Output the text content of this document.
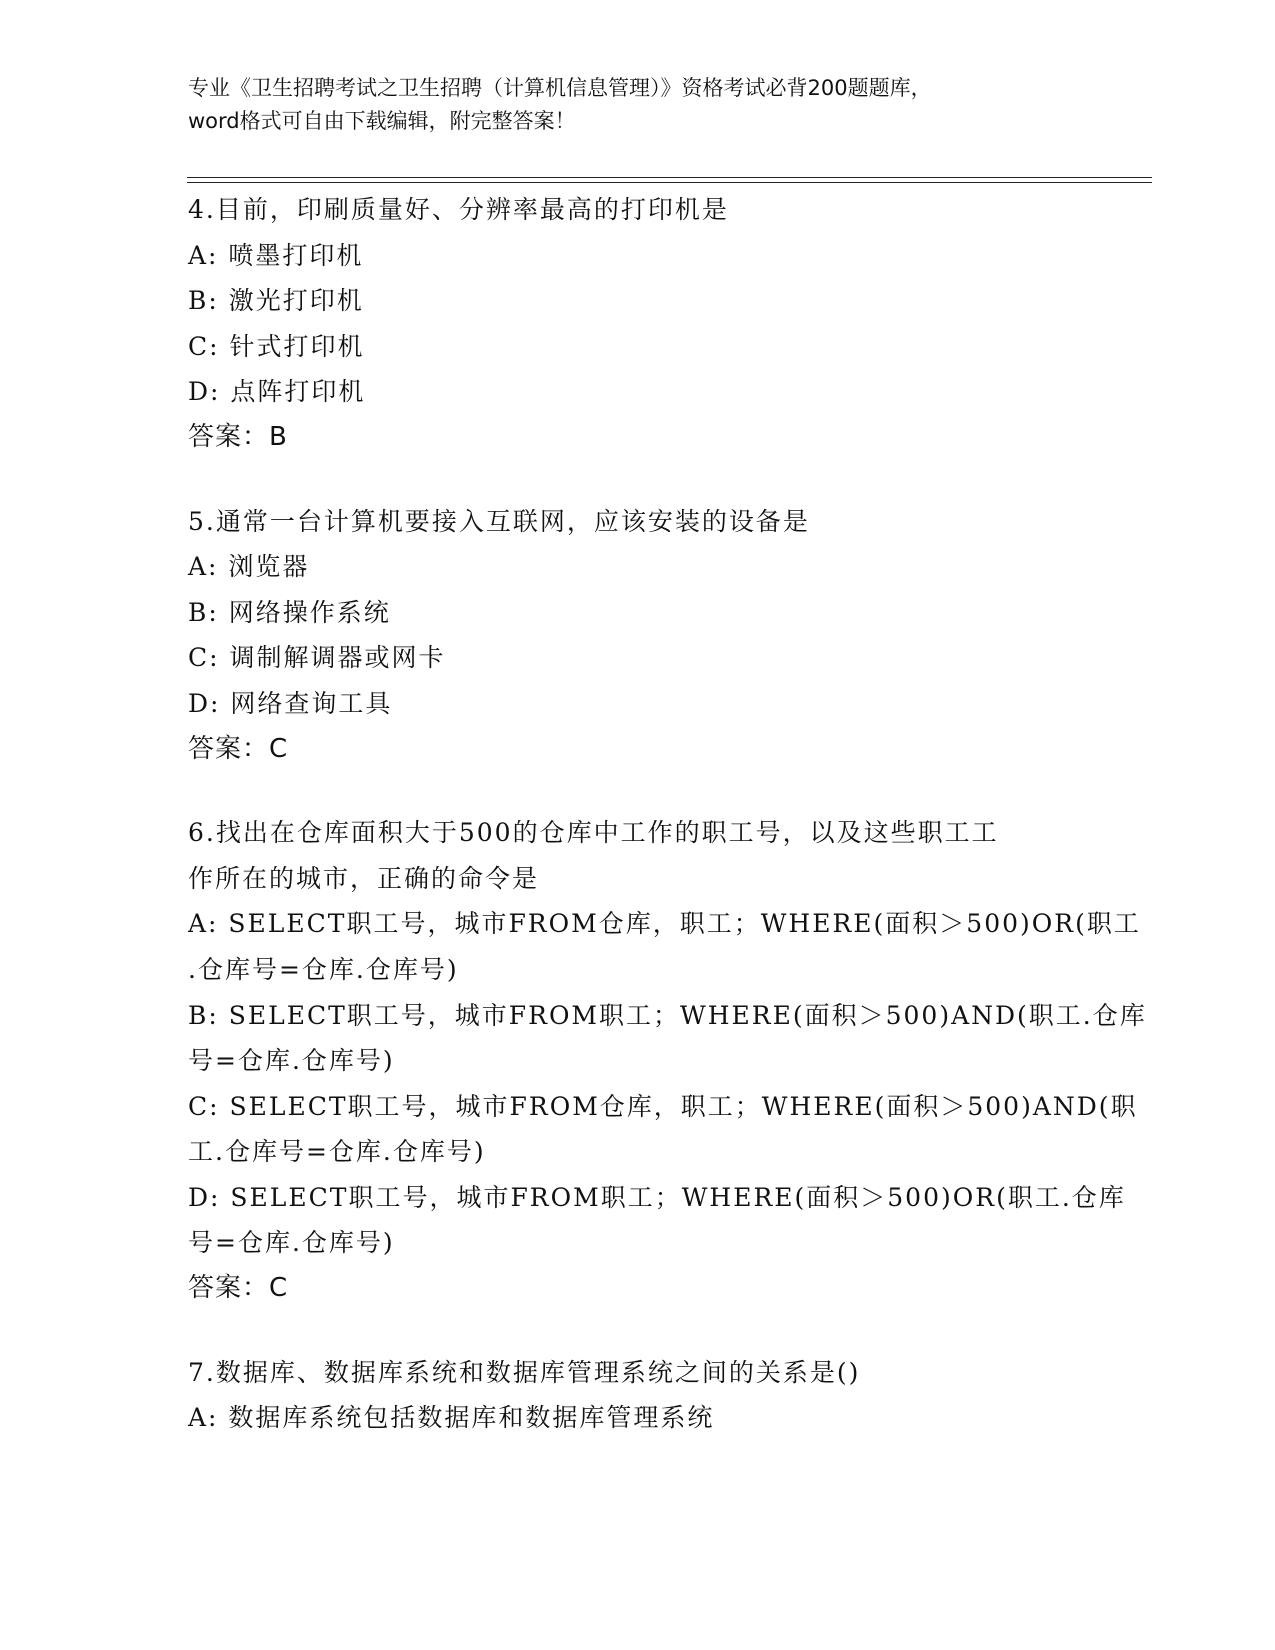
专业《卫生招聘考试之卫生招聘（计算机信息管理）》资格考试必背200题题库，
word格式可自由下载编辑，附完整答案！
4.目前，印刷质量好、分辨率最高的打印机是
A: 喷墨打印机
B: 激光打印机
C: 针式打印机
D: 点阵打印机
答案：B
5.通常一台计算机要接入互联网，应该安装的设备是
A: 浏览器
B: 网络操作系统
C: 调制解调器或网卡
D: 网络查询工具
答案：C
6.找出在仓库面积大于500的仓库中工作的职工号，以及这些职工工
作所在的城市，正确的命令是
A: SELECT职工号，城市FROM仓库，职工；WHERE(面积＞500)OR(职工
.仓库号=仓库.仓库号)
B: SELECT职工号，城市FROM职工；WHERE(面积＞500)AND(职工.仓库
号=仓库.仓库号)
C: SELECT职工号，城市FROM仓库，职工；WHERE(面积＞500)AND(职
工.仓库号=仓库.仓库号)
D: SELECT职工号，城市FROM职工；WHERE(面积＞500)OR(职工.仓库
号=仓库.仓库号)
答案：C
7.数据库、数据库系统和数据库管理系统之间的关系是()
A: 数据库系统包括数据库和数据库管理系统
